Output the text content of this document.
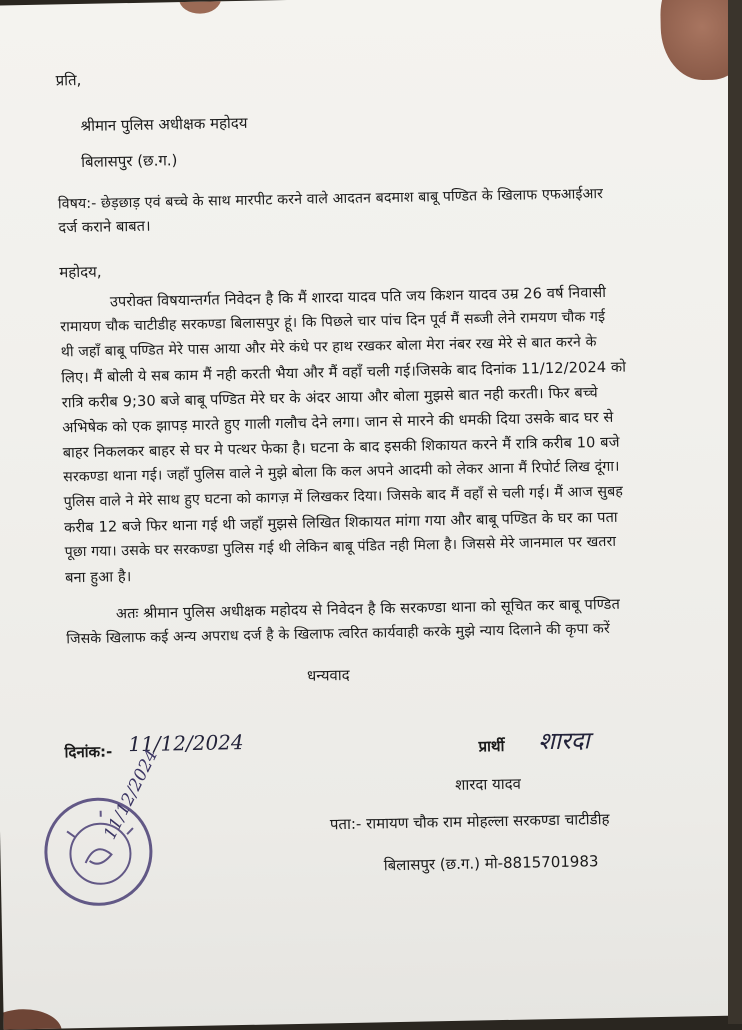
प्रति,
श्रीमान पुलिस अधीक्षक महोदय
बिलासपुर (छ.ग.)
विषय:- छेड़छाड़ एवं बच्चे के साथ मारपीट करने वाले आदतन बदमाश बाबू पण्डित के खिलाफ एफआईआर
दर्ज कराने बाबत।
महोदय,
उपरोक्त विषयान्तर्गत निवेदन है कि मैं शारदा यादव पति जय किशन यादव उम्र 26 वर्ष निवासी
रामायण चौक चाटीडीह सरकण्डा बिलासपुर हूं। कि पिछले चार पांच दिन पूर्व मैं सब्जी लेने रामयण चौक गई
थी जहाँ बाबू पण्डित मेरे पास आया और मेरे कंधे पर हाथ रखकर बोला मेरा नंबर रख मेरे से बात करने के
लिए। मैं बोली ये सब काम मैं नही करती भैया और मैं वहाँ चली गई।जिसके बाद दिनांक 11/12/2024 को
रात्रि करीब 9;30 बजे बाबू पण्डित मेरे घर के अंदर आया और बोला मुझसे बात नही करती। फिर बच्चे
अभिषेक को एक झापड़ मारते हुए गाली गलौच देने लगा। जान से मारने की धमकी दिया उसके बाद घर से
बाहर निकलकर बाहर से घर मे पत्थर फेका है। घटना के बाद इसकी शिकायत करने मैं रात्रि करीब 10 बजे
सरकण्डा थाना गई। जहाँ पुलिस वाले ने मुझे बोला कि कल अपने आदमी को लेकर आना मैं रिपोर्ट लिख दूंगा।
पुलिस वाले ने मेरे साथ हुए घटना को कागज़ में लिखकर दिया। जिसके बाद मैं वहाँ से चली गई। मैं आज सुबह
करीब 12 बजे फिर थाना गई थी जहाँ मुझसे लिखित शिकायत मांगा गया और बाबू पण्डित के घर का पता
पूछा गया। उसके घर सरकण्डा पुलिस गई थी लेकिन बाबू पंडित नही मिला है। जिससे मेरे जानमाल पर खतरा
बना हुआ है।
अतः श्रीमान पुलिस अधीक्षक महोदय से निवेदन है कि सरकण्डा थाना को सूचित कर बाबू पण्डित
जिसके खिलाफ कई अन्य अपराध दर्ज है के खिलाफ त्वरित कार्यवाही करके मुझे न्याय दिलाने की कृपा करें
धन्यवाद
दिनांक:- 11/12/2024	प्रार्थी शारदा
शारदा यादव
पता:- रामायण चौक राम मोहल्ला सरकण्डा चाटीडीह
बिलासपुर (छ.ग.) मो-8815701983
11/12/2024
